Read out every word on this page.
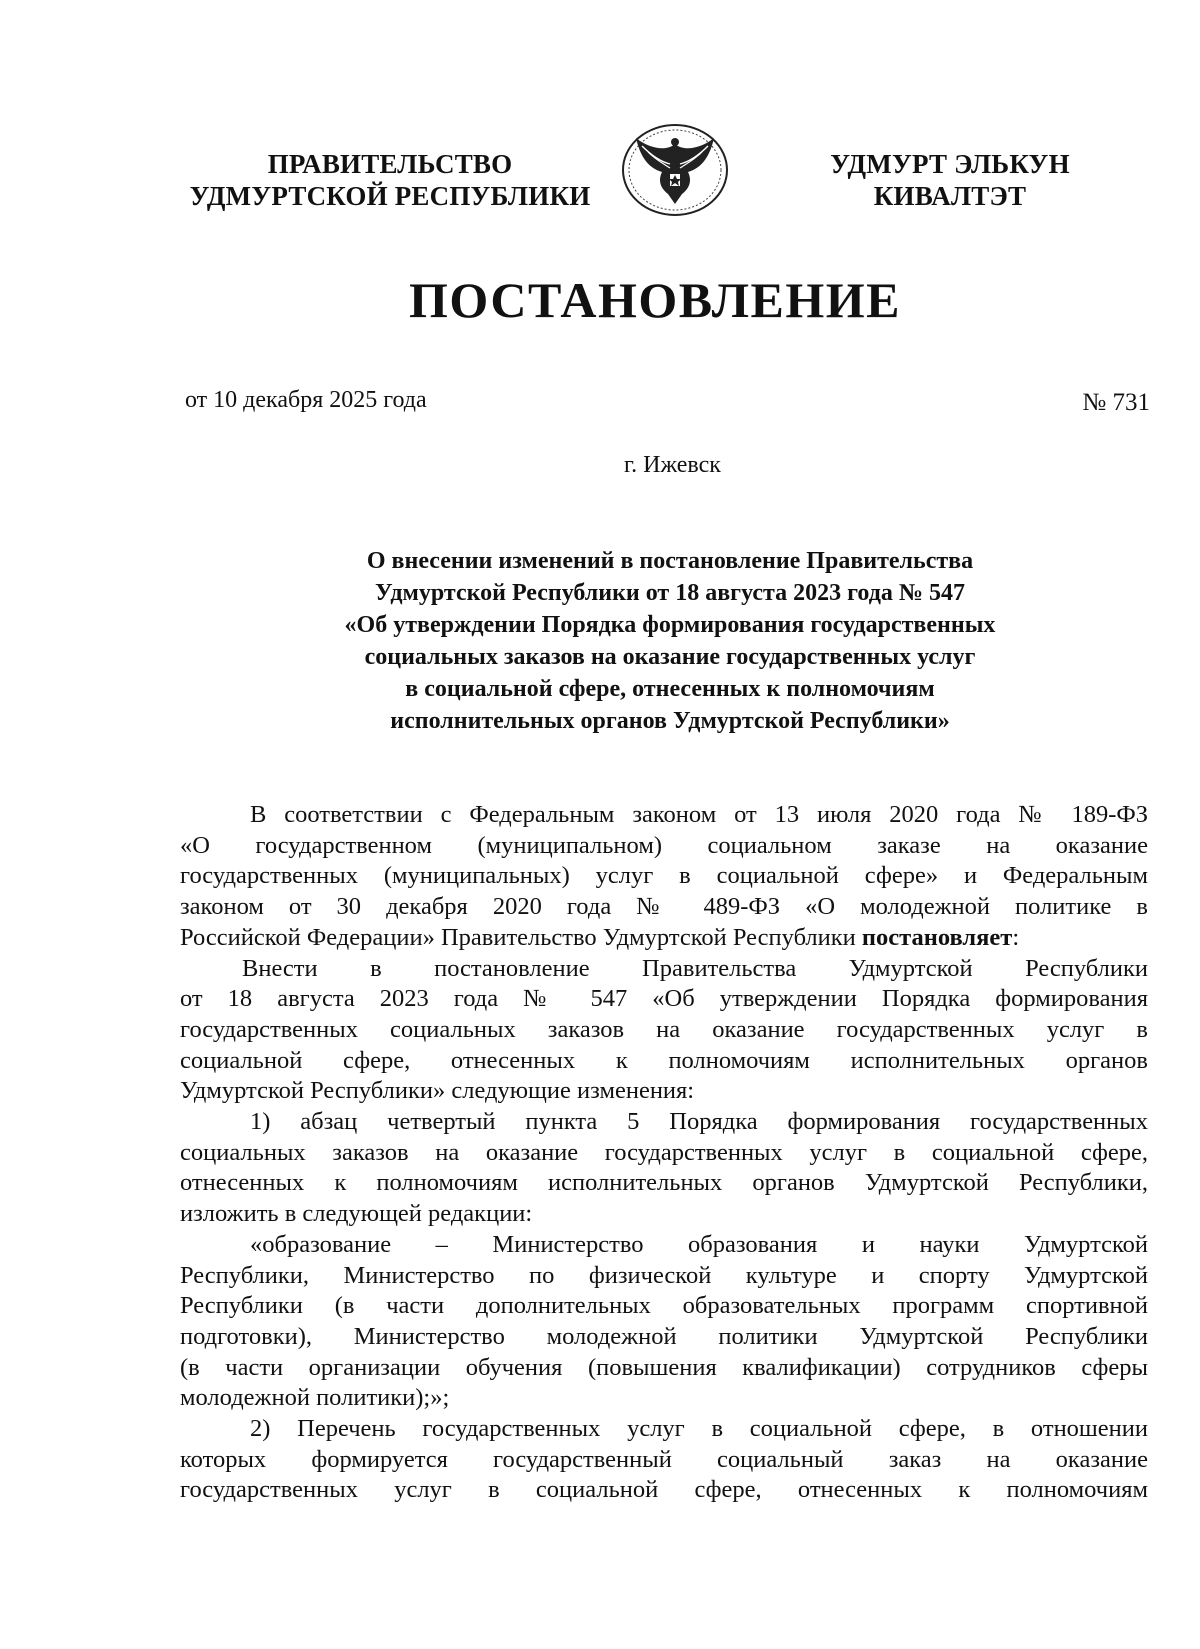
ПРАВИТЕЛЬСТВО
УДМУРТСКОЙ РЕСПУБЛИКИ
УДМУРТ ЭЛЬКУН
КИВАЛТЭТ
ПОСТАНОВЛЕНИЕ
от 10 декабря 2025 года	№ 731
г. Ижевск
О внесении изменений в постановление Правительства
Удмуртской Республики от 18 августа 2023 года № 547
«Об утверждении Порядка формирования государственных
социальных заказов на оказание государственных услуг
в социальной сфере, отнесенных к полномочиям
исполнительных органов Удмуртской Республики»
В соответствии с Федеральным законом от 13 июля 2020 года № 189-ФЗ
«О государственном (муниципальном) социальном заказе на оказание
государственных (муниципальных) услуг в социальной сфере» и Федеральным
законом от 30 декабря 2020 года № 489-ФЗ «О молодежной политике в
Российской Федерации» Правительство Удмуртской Республики постановляет:
Внести в постановление Правительства Удмуртской Республики
от 18 августа 2023 года № 547 «Об утверждении Порядка формирования
государственных социальных заказов на оказание государственных услуг в
социальной сфере, отнесенных к полномочиям исполнительных органов
Удмуртской Республики» следующие изменения:
1) абзац четвертый пункта 5 Порядка формирования государственных
социальных заказов на оказание государственных услуг в социальной сфере,
отнесенных к полномочиям исполнительных органов Удмуртской Республики,
изложить в следующей редакции:
«образование – Министерство образования и науки Удмуртской
Республики, Министерство по физической культуре и спорту Удмуртской
Республики (в части дополнительных образовательных программ спортивной
подготовки), Министерство молодежной политики Удмуртской Республики
(в части организации обучения (повышения квалификации) сотрудников сферы
молодежной политики);»;
2) Перечень государственных услуг в социальной сфере, в отношении
которых формируется государственный социальный заказ на оказание
государственных услуг в социальной сфере, отнесенных к полномочиям
